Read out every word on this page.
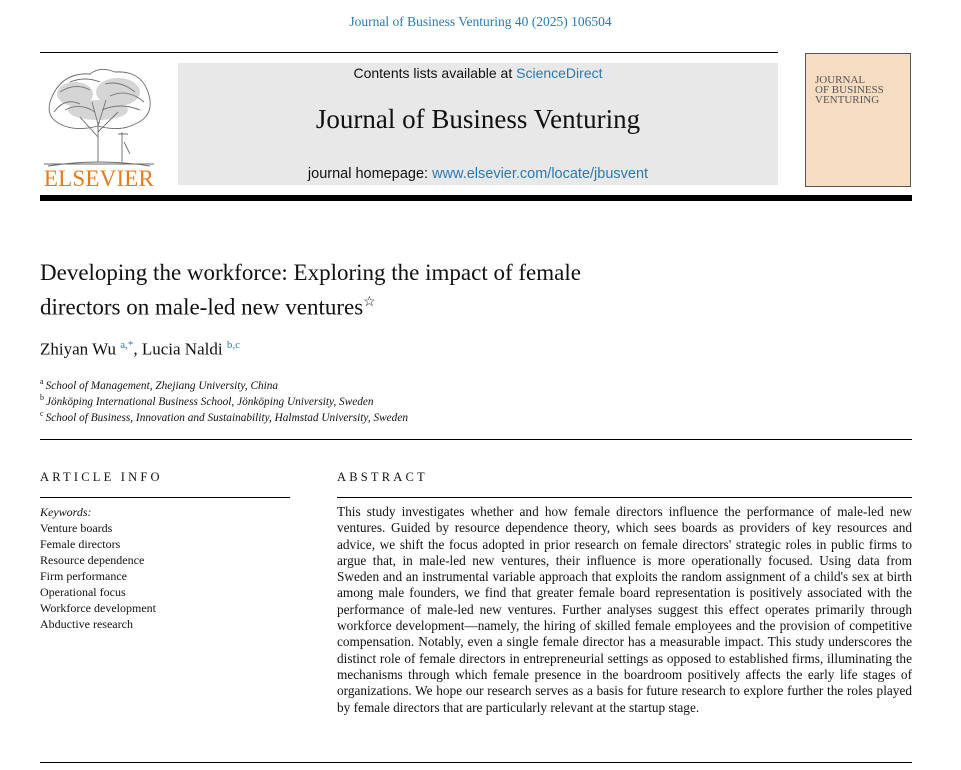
Journal of Business Venturing 40 (2025) 106504
ELSEVIER
Contents lists available at ScienceDirect
Journal of Business Venturing
journal homepage: www.elsevier.com/locate/jbusvent
JOURNAL
OF BUSINESS
VENTURING
Developing the workforce: Exploring the impact of female
directors on male-led new ventures☆
Zhiyan Wu $^{a,*}$, Lucia Naldi $^{b,c}$
$^a$ School of Management, Zhejiang University, China
$^b$ Jönköping International Business School, Jönköping University, Sweden
$^c$ School of Business, Innovation and Sustainability, Halmstad University, Sweden
ARTICLE INFO
Keywords:
Venture boards
Female directors
Resource dependence
Firm performance
Operational focus
Workforce development
Abductive research
ABSTRACT
This study investigates whether and how female directors influence the performance of male-led new ventures. Guided by resource dependence theory, which sees boards as providers of key resources and advice, we shift the focus adopted in prior research on female directors' strategic roles in public firms to argue that, in male-led new ventures, their influence is more operationally focused. Using data from Sweden and an instrumental variable approach that exploits the random assignment of a child's sex at birth among male founders, we find that greater female board representation is positively associated with the performance of male-led new ventures. Further analyses suggest this effect operates primarily through workforce development—namely, the hiring of skilled female employees and the provision of competitive compensation. Notably, even a single female director has a measurable impact. This study underscores the distinct role of female directors in entrepreneurial settings as opposed to established firms, illuminating the mechanisms through which female presence in the boardroom positively affects the early life stages of organizations. We hope our research serves as a basis for future research to explore further the roles played by female directors that are particularly relevant at the startup stage.
